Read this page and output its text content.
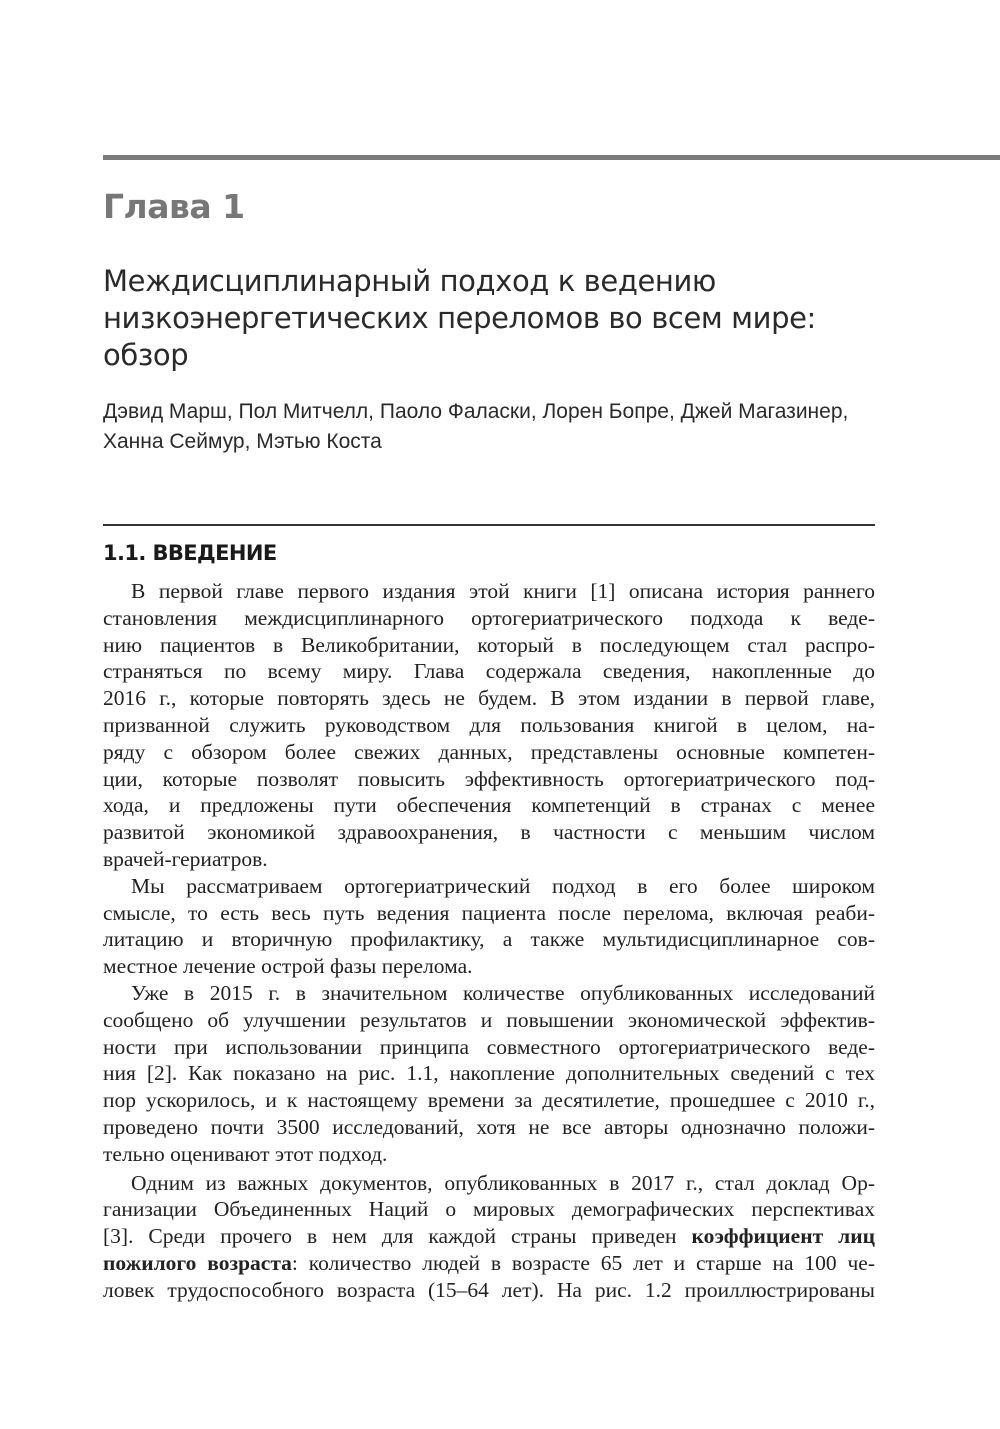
Глава 1
Междисциплинарный подход к ведению
низкоэнергетических переломов во всем мире:
обзор
Дэвид Марш, Пол Митчелл, Паоло Фаласки, Лорен Бопре, Джей Магазинер,
Ханна Сеймур, Мэтью Коста
1.1. ВВЕДЕНИЕ
В первой главе первого издания этой книги [1] описана история раннего
становления междисциплинарного ортогериатрического подхода к веде-
нию пациентов в Великобритании, который в последующем стал распро-
страняться по всему миру. Глава содержала сведения, накопленные до
2016 г., которые повторять здесь не будем. В этом издании в первой главе,
призванной служить руководством для пользования книгой в целом, на-
ряду с обзором более свежих данных, представлены основные компетен-
ции, которые позволят повысить эффективность ортогериатрического под-
хода, и предложены пути обеспечения компетенций в странах с менее
развитой экономикой здравоохранения, в частности с меньшим числом
врачей-гериатров.
Мы рассматриваем ортогериатрический подход в его более широком
смысле, то есть весь путь ведения пациента после перелома, включая реаби-
литацию и вторичную профилактику, а также мультидисциплинарное сов-
местное лечение острой фазы перелома.
Уже в 2015 г. в значительном количестве опубликованных исследований
сообщено об улучшении результатов и повышении экономической эффектив-
ности при использовании принципа совместного ортогериатрического веде-
ния [2]. Как показано на рис. 1.1, накопление дополнительных сведений с тех
пор ускорилось, и к настоящему времени за десятилетие, прошедшее с 2010 г.,
проведено почти 3500 исследований, хотя не все авторы однозначно положи-
тельно оценивают этот подход.
Одним из важных документов, опубликованных в 2017 г., стал доклад Ор-
ганизации Объединенных Наций о мировых демографических перспективах
[3]. Среди прочего в нем для каждой страны приведен коэффициент лиц
пожилого возраста: количество людей в возрасте 65 лет и старше на 100 че-
ловек трудоспособного возраста (15–64 лет). На рис. 1.2 проиллюстрированы
